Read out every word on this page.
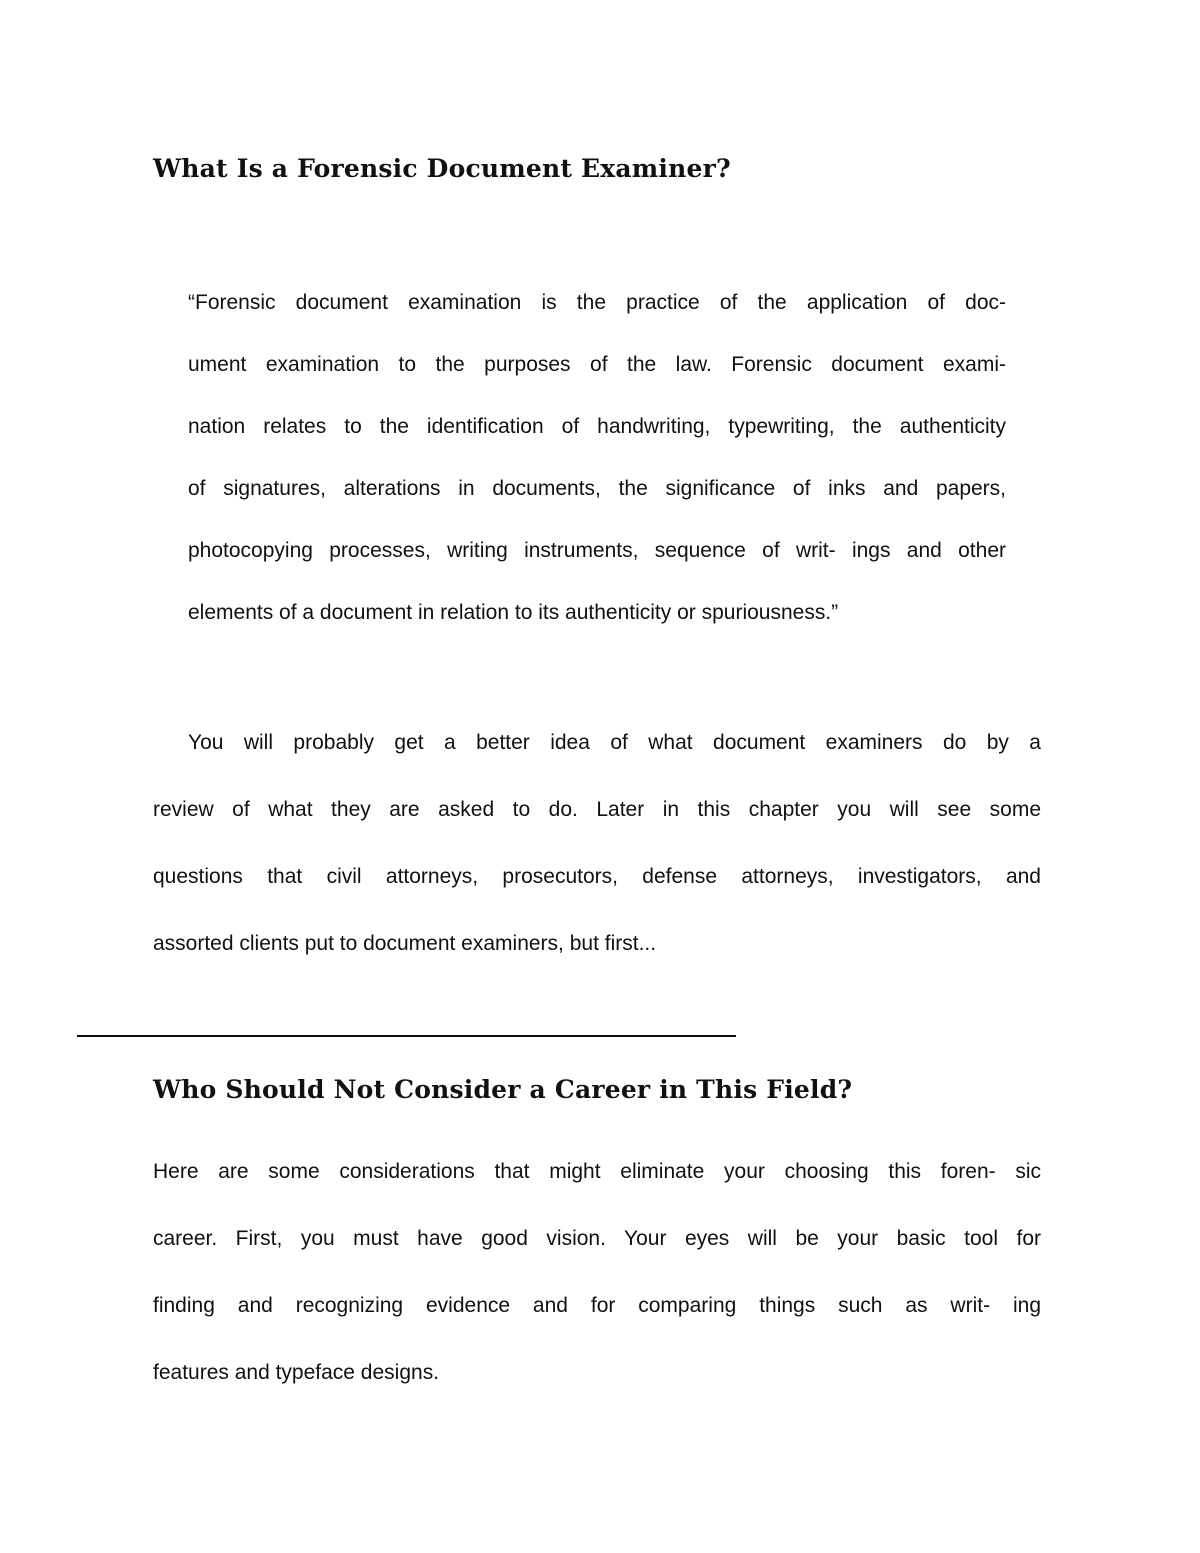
What Is a Forensic Document Examiner?

“Forensic document examination is the practice of the application of doc-

ument examination to the purposes of the law. Forensic document exami-

nation relates to the identification of handwriting, typewriting, the authenticity

of signatures, alterations in documents, the significance of inks and papers,

photocopying processes, writing instruments, sequence of writ- ings and other

elements of a document in relation to its authenticity or spuriousness.”

You will probably get a better idea of what document examiners do by a

review of what they are asked to do. Later in this chapter you will see some

questions that civil attorneys, prosecutors, defense attorneys, investigators, and

assorted clients put to document examiners, but first...

Who Should Not Consider a Career in This Field?

Here are some considerations that might eliminate your choosing this foren- sic

career. First, you must have good vision. Your eyes will be your basic tool for

finding and recognizing evidence and for comparing things such as writ- ing

features and typeface designs.
